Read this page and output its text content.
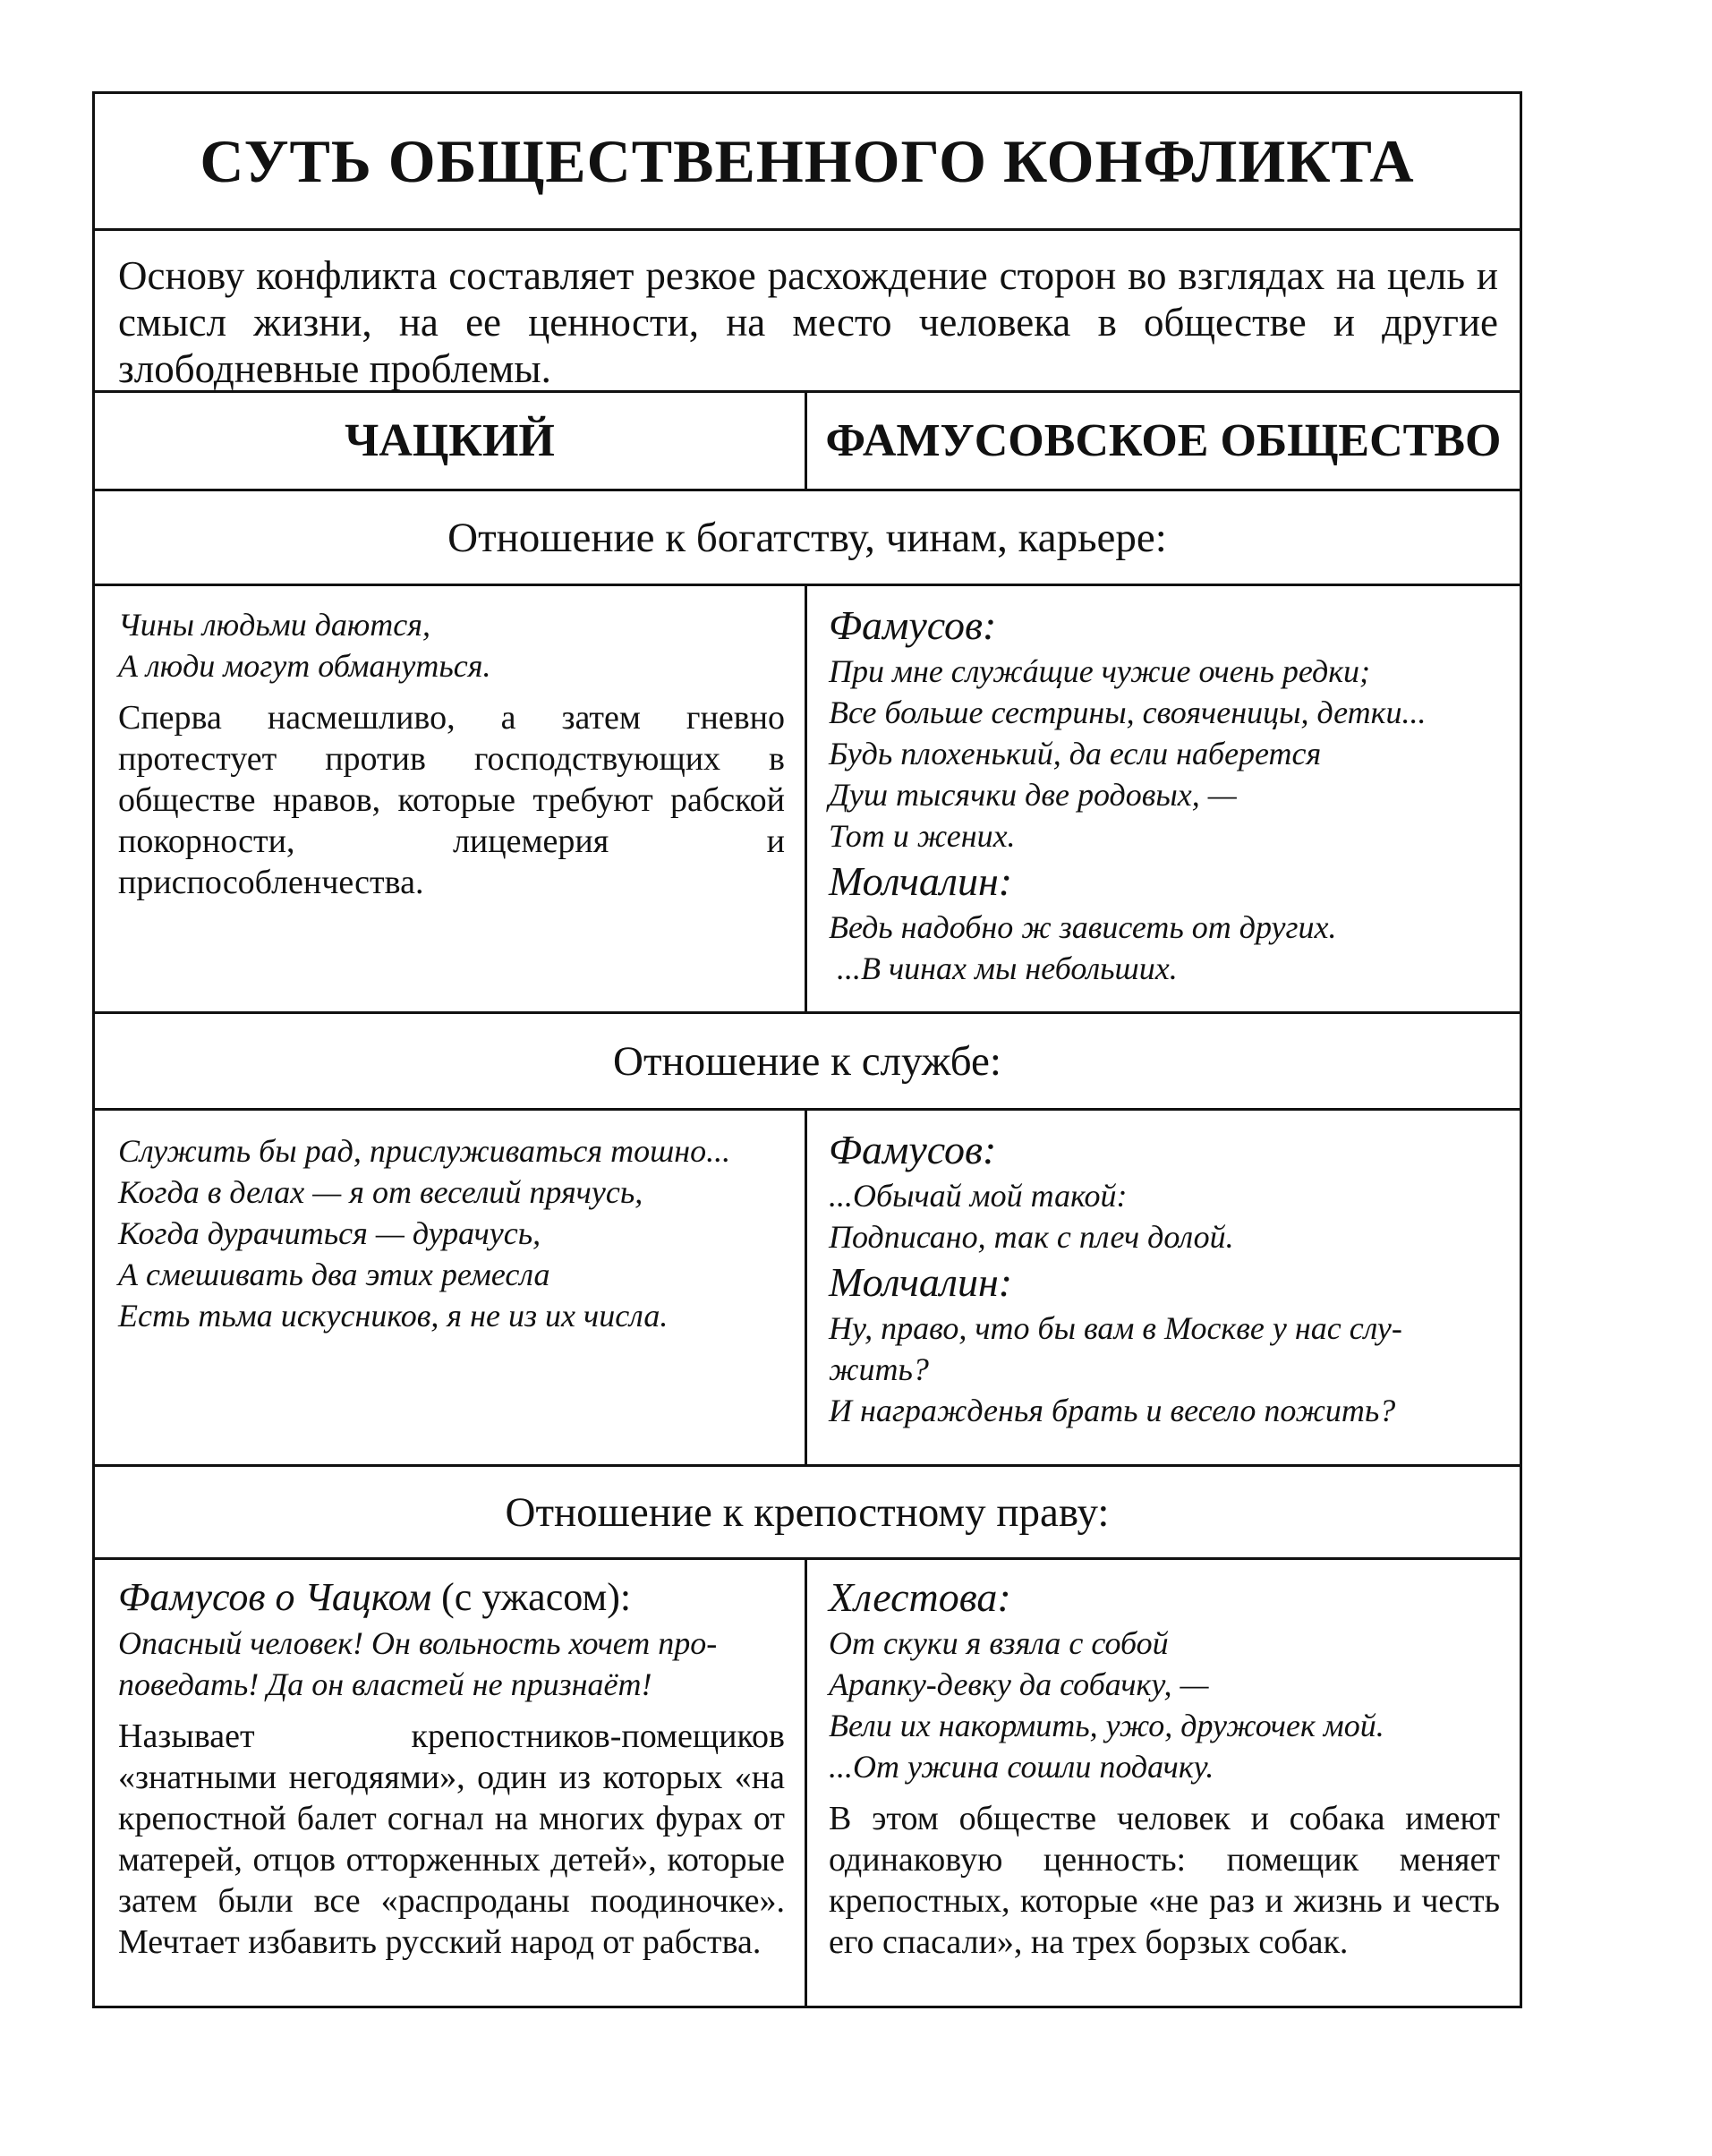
СУТЬ ОБЩЕСТВЕННОГО КОНФЛИКТА
Основу конфликта составляет резкое расхождение сторон во взглядах на цель и смысл жизни, на ее ценности, на место человека в обществе и другие злободневные проблемы.
ЧАЦКИЙ	ФАМУСОВСКОЕ ОБЩЕСТВО
Отношение к богатству, чинам, карьере:
Чины людьми даются,
А люди могут обмануться.
Сперва насмешливо, а затем гневно протестует против господствующих в обществе нравов, которые требуют рабской покорности, лицемерия и приспособленчества.
Фамусов:
При мне служáщие чужие очень редки;
Все больше сестрины, свояченицы, детки...
Будь плохенький, да если наберется
Душ тысячки две родовых, —
Тот и жених.
Молчалин:
Ведь надобно ж зависеть от других.
...В чинах мы небольших.
Отношение к службе:
Служить бы рад, прислуживаться тошно...
Когда в делах — я от веселий прячусь,
Когда дурачиться — дурачусь,
А смешивать два этих ремесла
Есть тьма искусников, я не из их числа.
Фамусов:
...Обычай мой такой:
Подписано, так с плеч долой.
Молчалин:
Ну, право, что бы вам в Москве у нас слу-
жить?
И награжденья брать и весело пожить?
Отношение к крепостному праву:
Фамусов о Чацком (с ужасом):
Опасный человек! Он вольность хочет про-
поведать! Да он властей не признаёт!
Называет крепостников-помещиков «знатными негодяями», один из которых «на крепостной балет согнал на многих фурах от матерей, отцов отторженных детей», которые затем были все «распроданы поодиночке». Мечтает избавить русский народ от рабства.
Хлестова:
От скуки я взяла с собой
Арапку-девку да собачку, —
Вели их накормить, ужо, дружочек мой.
...От ужина сошли подачку.
В этом обществе человек и собака имеют одинаковую ценность: помещик меняет крепостных, которые «не раз и жизнь и честь его спасали», на трех борзых собак.
